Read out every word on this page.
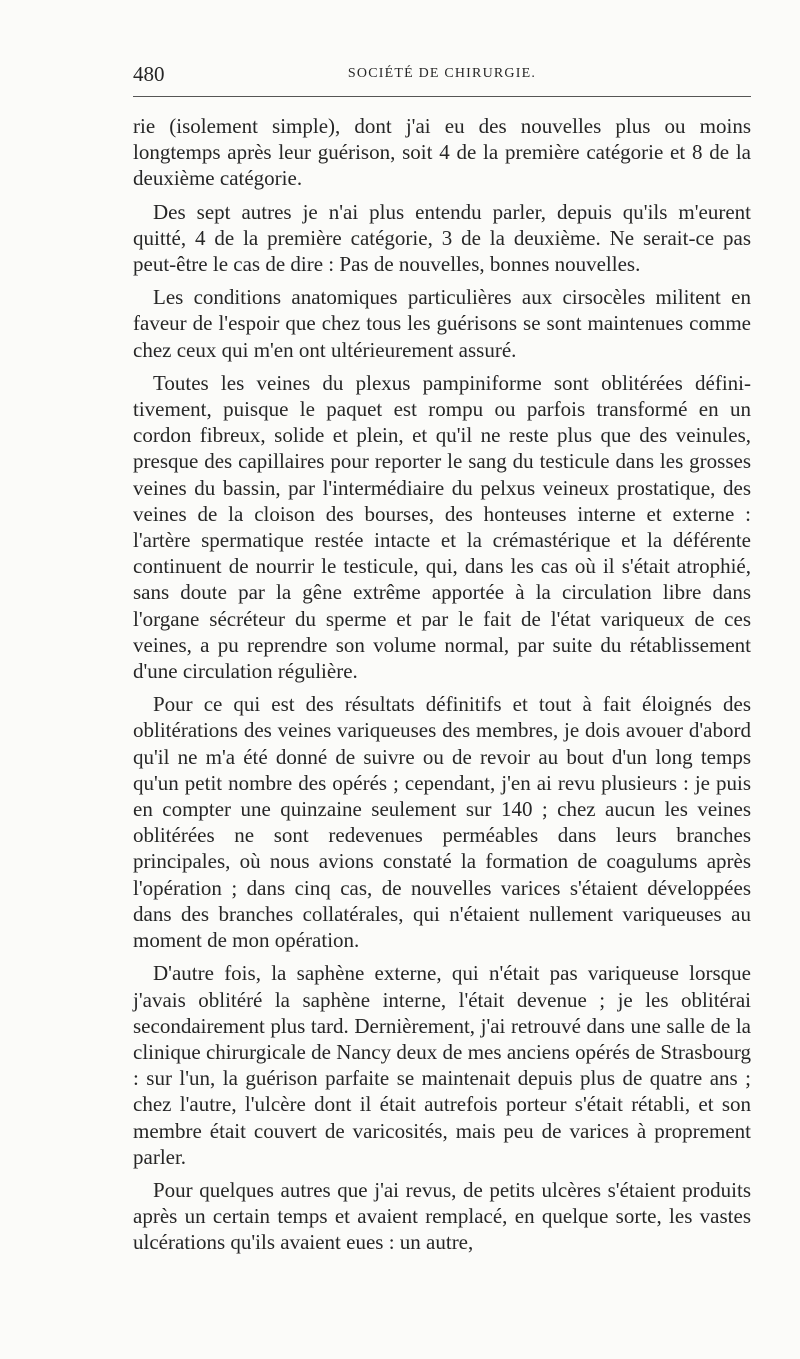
480	SOCIÉTÉ DE CHIRURGIE.

rie (isolement simple), dont j'ai eu des nouvelles plus ou moins longtemps après leur guérison, soit 4 de la première catégorie et 8 de la deuxième catégorie.

Des sept autres je n'ai plus entendu parler, depuis qu'ils m'eurent quitté, 4 de la première catégorie, 3 de la deuxième. Ne serait-ce pas peut-être le cas de dire : Pas de nouvelles, bonnes nouvelles.

Les conditions anatomiques particulières aux cirsocèles militent en faveur de l'espoir que chez tous les guérisons se sont maintenues comme chez ceux qui m'en ont ultérieurement assuré.

Toutes les veines du plexus pampiniforme sont oblitérées définitivement, puisque le paquet est rompu ou parfois transformé en un cordon fibreux, solide et plein, et qu'il ne reste plus que des veinules, presque des capillaires pour reporter le sang du testicule dans les grosses veines du bassin, par l'intermédiaire du pelxus veineux prostatique, des veines de la cloison des bourses, des honteuses interne et externe : l'artère spermatique restée intacte et la crémastérique et la déférente continuent de nourrir le testicule, qui, dans les cas où il s'était atrophié, sans doute par la gêne extrême apportée à la circulation libre dans l'organe sécréteur du sperme et par le fait de l'état variqueux de ces veines, a pu reprendre son volume normal, par suite du rétablissement d'une circulation régulière.

Pour ce qui est des résultats définitifs et tout à fait éloignés des oblitérations des veines variqueuses des membres, je dois avouer d'abord qu'il ne m'a été donné de suivre ou de revoir au bout d'un long temps qu'un petit nombre des opérés ; cependant, j'en ai revu plusieurs : je puis en compter une quinzaine seulement sur 140 ; chez aucun les veines oblitérées ne sont redevenues perméables dans leurs branches principales, où nous avions constaté la formation de coagulums après l'opération ; dans cinq cas, de nouvelles varices s'étaient développées dans des branches collatérales, qui n'étaient nullement variqueuses au moment de mon opération.

D'autre fois, la saphène externe, qui n'était pas variqueuse lorsque j'avais oblitéré la saphène interne, l'était devenue ; je les oblitérai secondairement plus tard. Dernièrement, j'ai retrouvé dans une salle de la clinique chirurgicale de Nancy deux de mes anciens opérés de Strasbourg : sur l'un, la guérison parfaite se maintenait depuis plus de quatre ans ; chez l'autre, l'ulcère dont il était autrefois porteur s'était rétabli, et son membre était couvert de varicosités, mais peu de varices à proprement parler.

Pour quelques autres que j'ai revus, de petits ulcères s'étaient produits après un certain temps et avaient remplacé, en quelque sorte, les vastes ulcérations qu'ils avaient eues : un autre,
